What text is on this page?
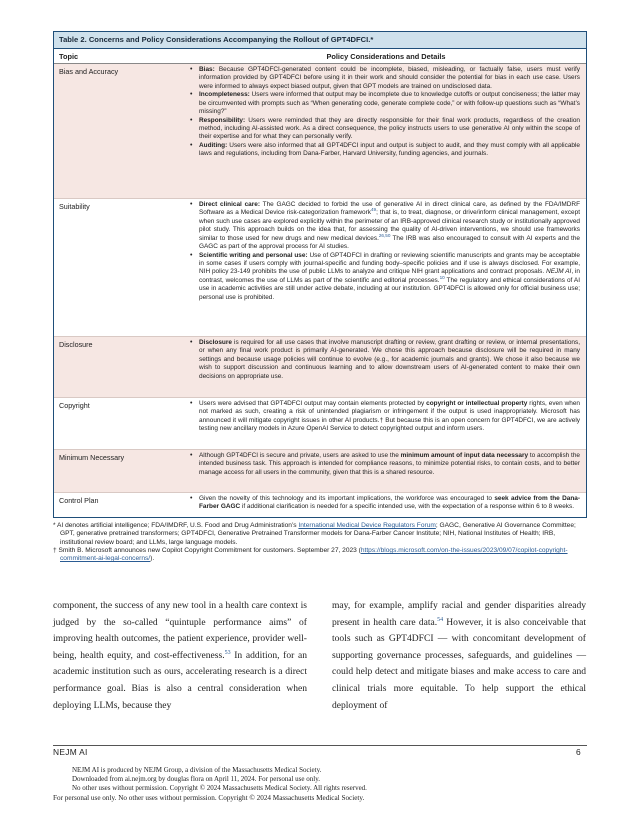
Table 2. Concerns and Policy Considerations Accompanying the Rollout of GPT4DFCI.*
Topic	Policy Considerations and Details
Bias and Accuracy	• Bias: Because GPT4DFCI-generated content could be incomplete, biased, misleading, or factually false, users must verify information provided by GPT4DFCI before using it in their work and should consider the potential for bias in each use case. Users were informed to always expect biased output, given that GPT models are trained on undisclosed data.
• Incompleteness: Users were informed that output may be incomplete due to knowledge cutoffs or output conciseness; the latter may be circumvented with prompts such as “When generating code, generate complete code,” or with follow-up questions such as “What’s missing?”
• Responsibility: Users were reminded that they are directly responsible for their final work products, regardless of the creation method, including AI-assisted work. As a direct consequence, the policy instructs users to use generative AI only within the scope of their expertise and for what they can personally verify.
• Auditing: Users were also informed that all GPT4DFCI input and output is subject to audit, and they must comply with all applicable laws and regulations, including from Dana-Farber, Harvard University, funding agencies, and journals.
Suitability	• Direct clinical care: The GAGC decided to forbid the use of generative AI in direct clinical care, as defined by the FDA/IMDRF Software as a Medical Device risk-categorization framework$^{49}$; that is, to treat, diagnose, or drive/inform clinical management, except when such use cases are explored explicitly within the perimeter of an IRB-approved clinical research study or institutionally approved pilot study. This approach builds on the idea that, for assessing the quality of AI-driven interventions, we should use frameworks similar to those used for new drugs and new medical devices.$^{26,50}$ The IRB was also encouraged to consult with AI experts and the GAGC as part of the approval process for AI studies.
• Scientific writing and personal use: Use of GPT4DFCI in drafting or reviewing scientific manuscripts and grants may be acceptable in some cases if users comply with journal-specific and funding body–specific policies and if use is always disclosed. For example, NIH policy 23-149 prohibits the use of public LLMs to analyze and critique NIH grant applications and contract proposals. NEJM AI, in contrast, welcomes the use of LLMs as part of the scientific and editorial processes.$^{10}$ The regulatory and ethical considerations of AI use in academic activities are still under active debate, including at our institution. GPT4DFCI is allowed only for official business use; personal use is prohibited.
Disclosure	• Disclosure is required for all use cases that involve manuscript drafting or review, grant drafting or review, or internal presentations, or when any final work product is primarily AI-generated. We chose this approach because disclosure will be required in many settings and because usage policies will continue to evolve (e.g., for academic journals and grants). We chose it also because we wish to support discussion and continuous learning and to allow downstream users of AI-generated content to make their own decisions on appropriate use.
Copyright	• Users were advised that GPT4DFCI output may contain elements protected by copyright or intellectual property rights, even when not marked as such, creating a risk of unintended plagiarism or infringement if the output is used inappropriately. Microsoft has announced it will mitigate copyright issues in other AI products.† But because this is an open concern for GPT4DFCI, we are actively testing new ancillary models in Azure OpenAI Service to detect copyrighted output and inform users.
Minimum Necessary	• Although GPT4DFCI is secure and private, users are asked to use the minimum amount of input data necessary to accomplish the intended business task. This approach is intended for compliance reasons, to minimize potential risks, to contain costs, and to better manage access for all users in the community, given that this is a shared resource.
Control Plan	• Given the novelty of this technology and its important implications, the workforce was encouraged to seek advice from the Dana-Farber GAGC if additional clarification is needed for a specific intended use, with the expectation of a response within 6 to 8 weeks.

* AI denotes artificial intelligence; FDA/IMDRF, U.S. Food and Drug Administration’s International Medical Device Regulators Forum; GAGC, Generative AI Governance Committee; GPT, generative pretrained transformers; GPT4DFCI, Generative Pretrained Transformer models for Dana-Farber Cancer Institute; NIH, National Institutes of Health; IRB, institutional review board; and LLMs, large language models.

† Smith B. Microsoft announces new Copilot Copyright Commitment for customers. September 27, 2023 (https://blogs.microsoft.com/on-the-issues/2023/09/07/copilot-copyright-commitment-ai-legal-concerns/).

component, the success of any new tool in a health care context is judged by the so-called “quintuple performance aims” of improving health outcomes, the patient experience, provider well-being, health equity, and cost-effectiveness.$^{53}$ In addition, for an academic institution such as ours, accelerating research is a direct performance goal. Bias is also a central consideration when deploying LLMs, because they

may, for example, amplify racial and gender disparities already present in health care data.$^{54}$ However, it is also conceivable that tools such as GPT4DFCI — with concomitant development of supporting governance processes, safeguards, and guidelines — could help detect and mitigate biases and make access to care and clinical trials more equitable. To help support the ethical deployment of

NEJM AI	6
NEJM AI is produced by NEJM Group, a division of the Massachusetts Medical Society.
Downloaded from ai.nejm.org by douglas flora on April 11, 2024. For personal use only.
No other uses without permission. Copyright © 2024 Massachusetts Medical Society. All rights reserved.
For personal use only. No other uses without permission. Copyright © 2024 Massachusetts Medical Society.
